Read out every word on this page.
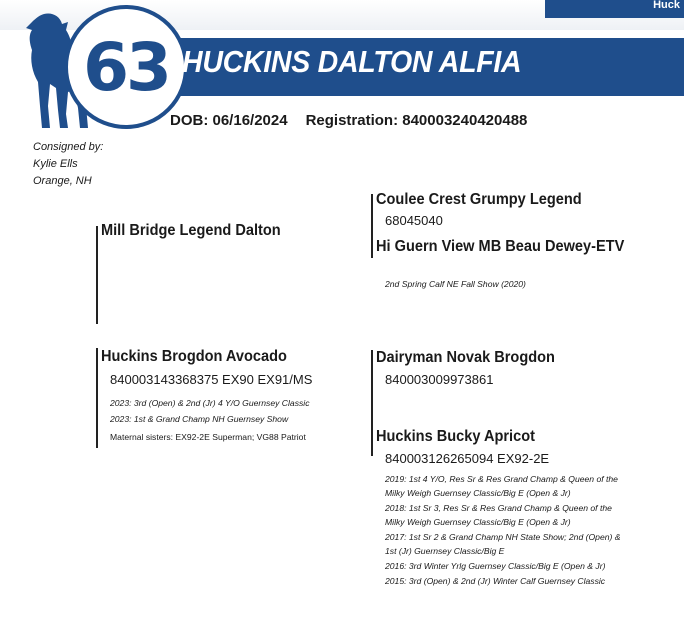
Huck
63 HUCKINS DALTON ALFIA
DOB: 06/16/2024 Registration: 840003240420488
Consigned by:
Kylie Ells
Orange, NH
Mill Bridge Legend Dalton
Coulee Crest Grumpy Legend
68045040
Hi Guern View MB Beau Dewey-ETV
2nd Spring Calf NE Fall Show (2020)
Huckins Brogdon Avocado
840003143368375 EX90 EX91/MS
2023: 3rd (Open) & 2nd (Jr) 4 Y/O Guernsey Classic
2023: 1st & Grand Champ NH Guernsey Show
Maternal sisters: EX92-2E Superman; VG88 Patriot
Dairyman Novak Brogdon
840003009973861
Huckins Bucky Apricot
840003126265094 EX92-2E
2019: 1st 4 Y/O, Res Sr & Res Grand Champ & Queen of the
Milky Weigh Guernsey Classic/Big E (Open & Jr)
2018: 1st Sr 3, Res Sr & Res Grand Champ & Queen of the
Milky Weigh Guernsey Classic/Big E (Open & Jr)
2017: 1st Sr 2 & Grand Champ NH State Show; 2nd (Open) &
1st (Jr) Guernsey Classic/Big E
2016: 3rd Winter Yrlg Guernsey Classic/Big E (Open & Jr)
2015: 3rd (Open) & 2nd (Jr) Winter Calf Guernsey Classic
